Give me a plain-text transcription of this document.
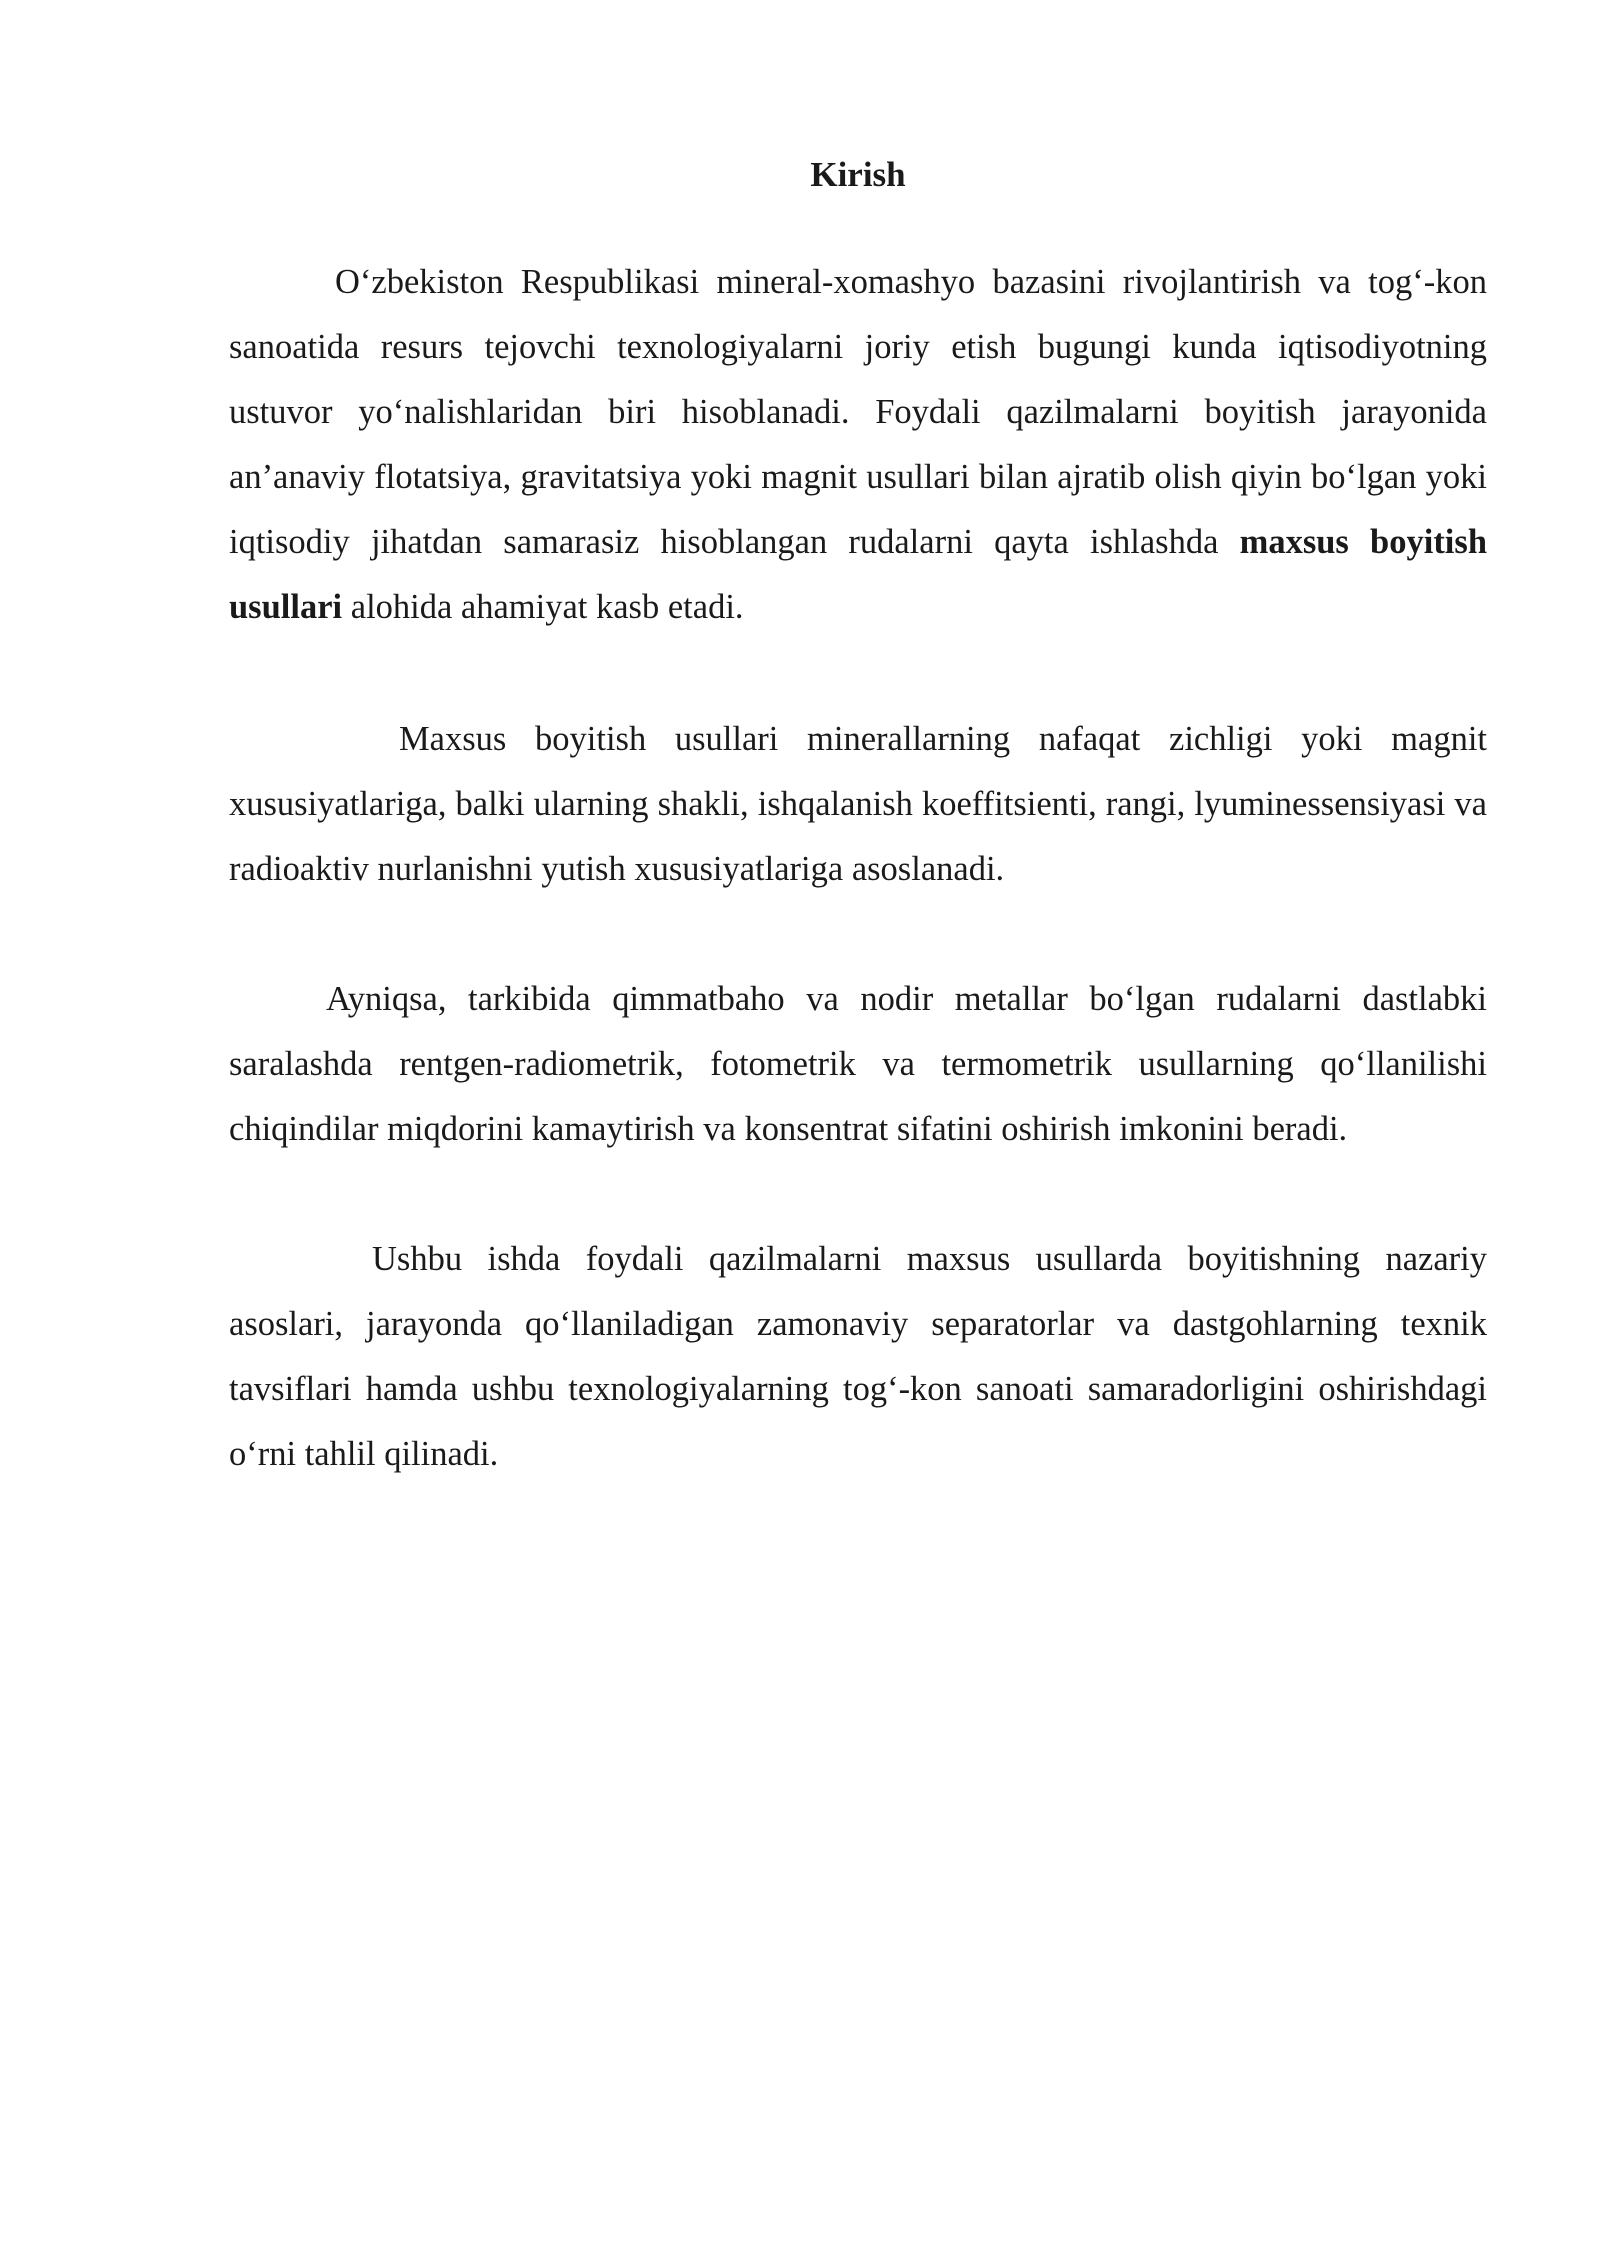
Kirish

O‘zbekiston Respublikasi mineral-xomashyo bazasini rivojlantirish va tog‘-kon sanoatida resurs tejovchi texnologiyalarni joriy etish bugungi kunda iqtisodiyotning ustuvor yo‘nalishlaridan biri hisoblanadi. Foydali qazilmalarni boyitish jarayonida an’anaviy flotatsiya, gravitatsiya yoki magnit usullari bilan ajratib olish qiyin bo‘lgan yoki iqtisodiy jihatdan samarasiz hisoblangan rudalarni qayta ishlashda maxsus boyitish usullari alohida ahamiyat kasb etadi.

Maxsus boyitish usullari minerallarning nafaqat zichligi yoki magnit xususiyatlariga, balki ularning shakli, ishqalanish koeffitsienti, rangi, lyuminessensiyasi va radioaktiv nurlanishni yutish xususiyatlariga asoslanadi.

Ayniqsa, tarkibida qimmatbaho va nodir metallar bo‘lgan rudalarni dastlabki saralashda rentgen-radiometrik, fotometrik va termometrik usullarning qo‘llanilishi chiqindilar miqdorini kamaytirish va konsentrat sifatini oshirish imkonini beradi.

Ushbu ishda foydali qazilmalarni maxsus usullarda boyitishning nazariy asoslari, jarayonda qo‘llaniladigan zamonaviy separatorlar va dastgohlarning texnik tavsiflari hamda ushbu texnologiyalarning tog‘-kon sanoati samaradorligini oshirishdagi o‘rni tahlil qilinadi.
